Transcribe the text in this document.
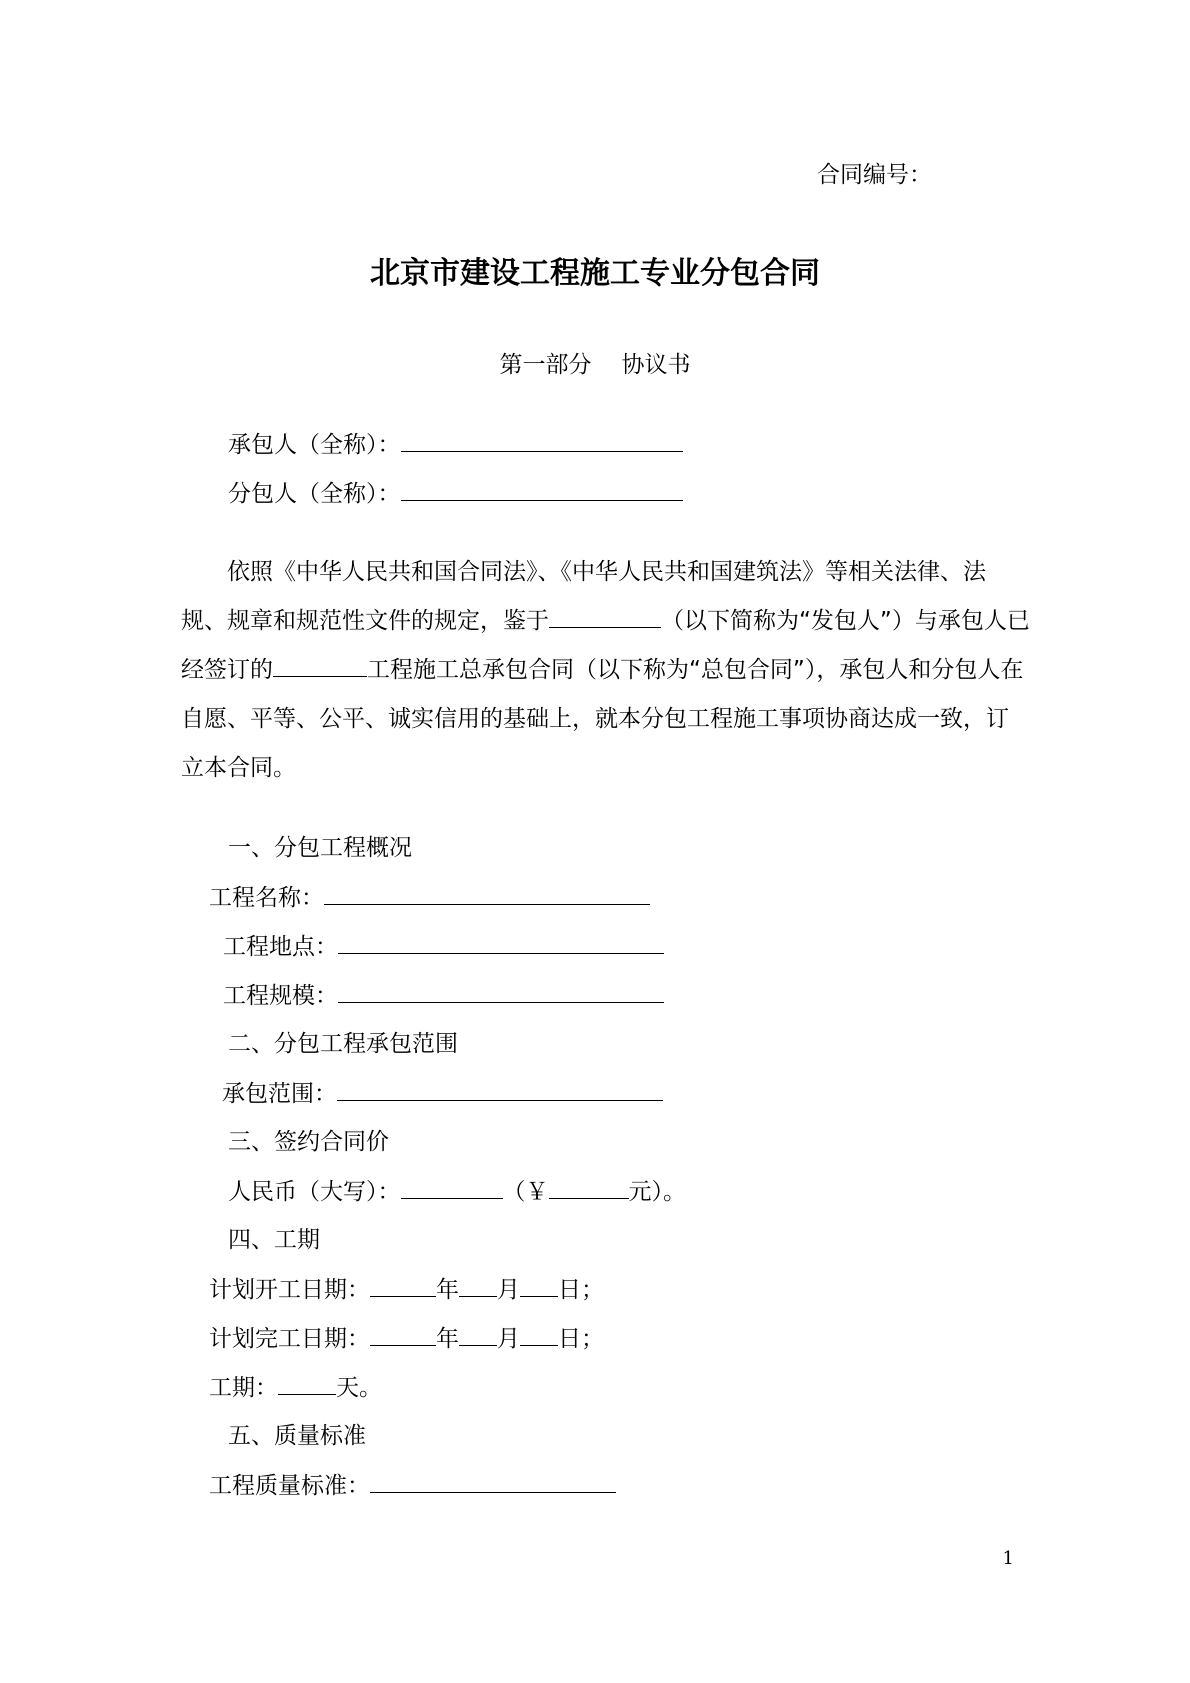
合同编号：
北京市建设工程施工专业分包合同
第一部分 协议书
承包人（全称）：
分包人（全称）：
依照《中华人民共和国合同法》、《中华人民共和国建筑法》等相关法律、法规、规章和规范性文件的规定，鉴于	（以下简称为“发包人”）与承包人已经签订的	工程施工总承包合同（以下称为“总包合同”），承包人和分包人在自愿、平等、公平、诚实信用的基础上，就本分包工程施工事项协商达成一致，订立本合同。
一、分包工程概况
工程名称：
工程地点：
工程规模：
二、分包工程承包范围
承包范围：
三、签约合同价
人民币（大写）：	（￥	元）。
四、工期
计划开工日期：	年 月 日；
计划完工日期：	年 月 日；
工期：	天。
五、质量标准
工程质量标准：
1
